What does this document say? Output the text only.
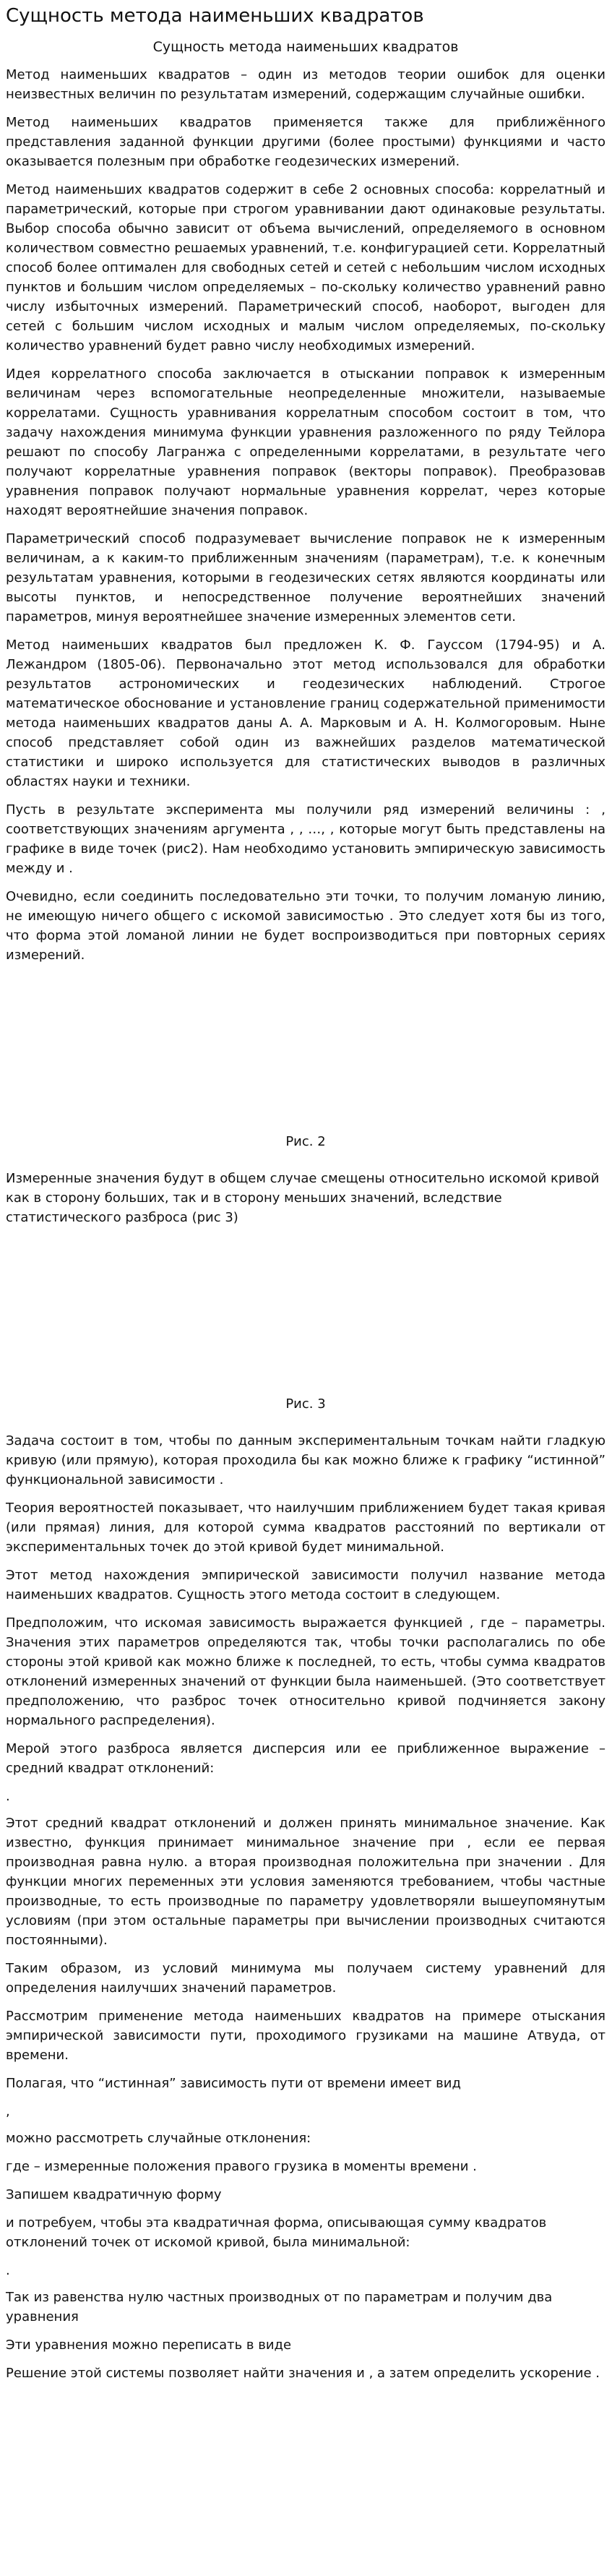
Сущность метода наименьших квадратов
Сущность метода наименьших квадратов

Метод наименьших квадратов – один из методов теории ошибок для оценки неизвестных величин по результатам измерений, содержащим случайные ошибки.

Метод наименьших квадратов применяется также для приближённого представления заданной функции другими (более простыми) функциями и часто оказывается полезным при обработке геодезических измерений.

Метод наименьших квадратов содержит в себе 2 основных способа: коррелатный и параметрический, которые при строгом уравнивании дают одинаковые результаты. Выбор способа обычно зависит от объема вычислений, определяемого в основном количеством совместно решаемых уравнений, т.е. конфигурацией сети. Коррелатный способ более оптимален для свободных сетей и сетей с небольшим числом исходных пунктов и большим числом определяемых – по-скольку количество уравнений равно числу избыточных измерений. Параметрический способ, наоборот, выгоден для сетей с большим числом исходных и малым числом определяемых, по-скольку количество уравнений будет равно числу необходимых измерений.

Идея коррелатного способа заключается в отыскании поправок к измеренным величинам через вспомогательные неопределенные множители, называемые коррелатами. Сущность уравнивания коррелатным способом состоит в том, что задачу нахождения минимума функции уравнения разложенного по ряду Тейлора решают по способу Лагранжа с определенными коррелатами, в результате чего получают коррелатные уравнения поправок (векторы поправок). Преобразовав уравнения поправок получают нормальные уравнения коррелат, через которые находят вероятнейшие значения поправок.

Параметрический способ подразумевает вычисление поправок не к измеренным величинам, а к каким-то приближенным значениям (параметрам), т.е. к конечным результатам уравнения, которыми в геодезических сетях являются координаты или высоты пунктов, и непосредственное получение вероятнейших значений параметров, минуя вероятнейшее значение измеренных элементов сети.

Метод наименьших квадратов был предложен К. Ф. Гауссом (1794-95) и А. Лежандром (1805-06). Первоначально этот метод использовался для обработки результатов астрономических и геодезических наблюдений. Строгое математическое обоснование и установление границ содержательной применимости метода наименьших квадратов даны А. А. Марковым и А. Н. Колмогоровым. Ныне способ представляет собой один из важнейших разделов математической статистики и широко используется для статистических выводов в различных областях науки и техники.

Пусть в результате эксперимента мы получили ряд измерений величины : , соответствующих значениям аргумента , , …, , которые могут быть представлены на графике в виде точек (рис2). Нам необходимо установить эмпирическую зависимость между и .

Очевидно, если соединить последовательно эти точки, то получим ломаную линию, не имеющую ничего общего с искомой зависимостью . Это следует хотя бы из того, что форма этой ломаной линии не будет воспроизводиться при повторных сериях измерений.

Рис. 2

Измеренные значения будут в общем случае смещены относительно искомой кривой как в сторону больших, так и в сторону меньших значений, вследствие статистического разброса (рис 3)

Рис. 3

Задача состоит в том, чтобы по данным экспериментальным точкам найти гладкую кривую (или прямую), которая проходила бы как можно ближе к графику “истинной” функциональной зависимости .

Теория вероятностей показывает, что наилучшим приближением будет такая кривая (или прямая) линия, для которой сумма квадратов расстояний по вертикали от экспериментальных точек до этой кривой будет минимальной.

Этот метод нахождения эмпирической зависимости получил название метода наименьших квадратов. Сущность этого метода состоит в следующем.

Предположим, что искомая зависимость выражается функцией , где – параметры. Значения этих параметров определяются так, чтобы точки располагались по обе стороны этой кривой как можно ближе к последней, то есть, чтобы сумма квадратов отклонений измеренных значений от функции была наименьшей. (Это соответствует предположению, что разброс точек относительно кривой подчиняется закону нормального распределения).

Мерой этого разброса является дисперсия или ее приближенное выражение – средний квадрат отклонений:

.

Этот средний квадрат отклонений и должен принять минимальное значение. Как известно, функция принимает минимальное значение при , если ее первая производная равна нулю. а вторая производная положительна при значении . Для функции многих переменных эти условия заменяются требованием, чтобы частные производные, то есть производные по параметру удовлетворяли вышеупомянутым условиям (при этом остальные параметры при вычислении производных считаются постоянными).

Таким образом, из условий минимума мы получаем систему уравнений для определения наилучших значений параметров.

Рассмотрим применение метода наименьших квадратов на примере отыскания эмпирической зависимости пути, проходимого грузиками на машине Атвуда, от времени.

Полагая, что “истинная” зависимость пути от времени имеет вид

,

можно рассмотреть случайные отклонения:

где – измеренные положения правого грузика в моменты времени .

Запишем квадратичную форму

и потребуем, чтобы эта квадратичная форма, описывающая сумму квадратов отклонений точек от искомой кривой, была минимальной:

.

Так из равенства нулю частных производных от по параметрам и получим два уравнения

Эти уравнения можно переписать в виде

Решение этой системы позволяет найти значения и , а затем определить ускорение .
